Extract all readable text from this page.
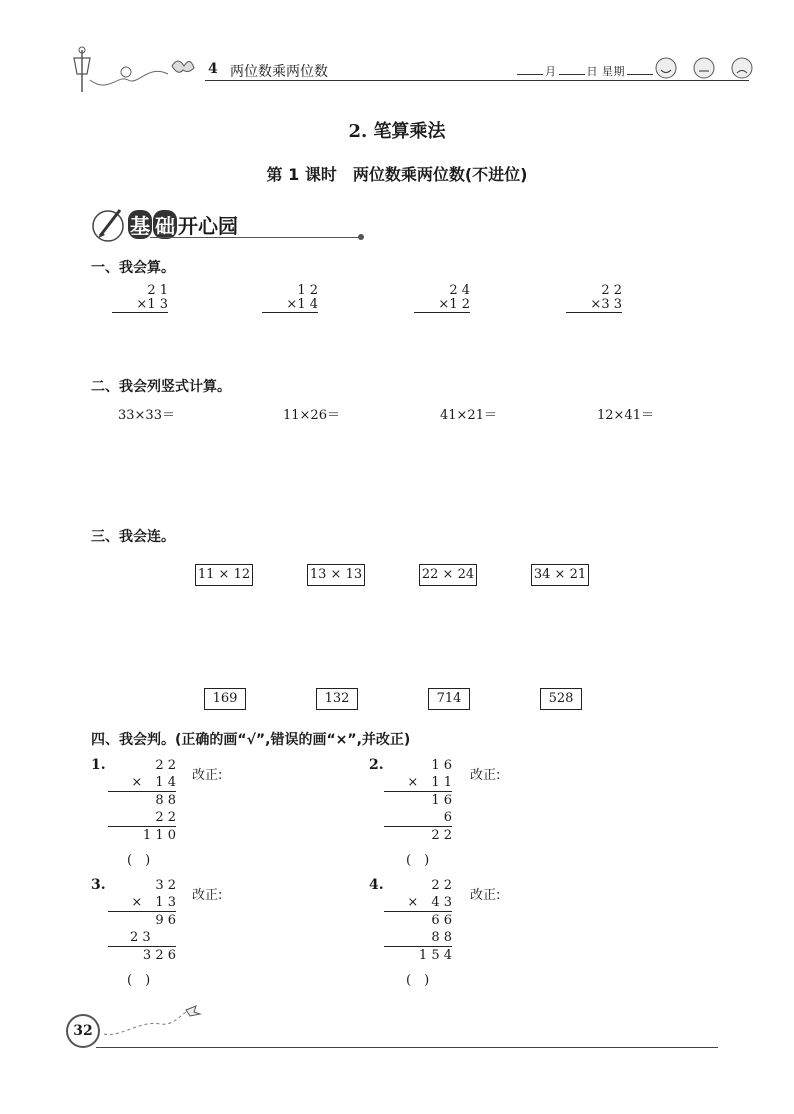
4 两位数乘两位数	月	日 星期
2. 笔算乘法
第 1 课时　两位数乘两位数(不进位)
基 础 开心园
一、我会算。
2 1
×1 3
1 2
×1 4
2 4
×1 2
2 2
×3 3
二、我会列竖式计算。
33×33＝	11×26＝	41×21＝	12×41＝
三、我会连。
11 × 12	13 × 13	22 × 24	34 × 21
169	132	714	528
四、我会判。(正确的画“√”,错误的画“×”,并改正)
1.	2 2
×　1 4
8 8
2 2
1 1 0
改正:
(　)
2.	1 6
×　1 1
1 6
6
2 2
改正:
(　)
3.	3 2
×　1 3
9 6
2 3
3 2 6
改正:
(　)
4.	2 2
×　4 3
6 6
8 8
1 5 4
改正:
(　)
32
